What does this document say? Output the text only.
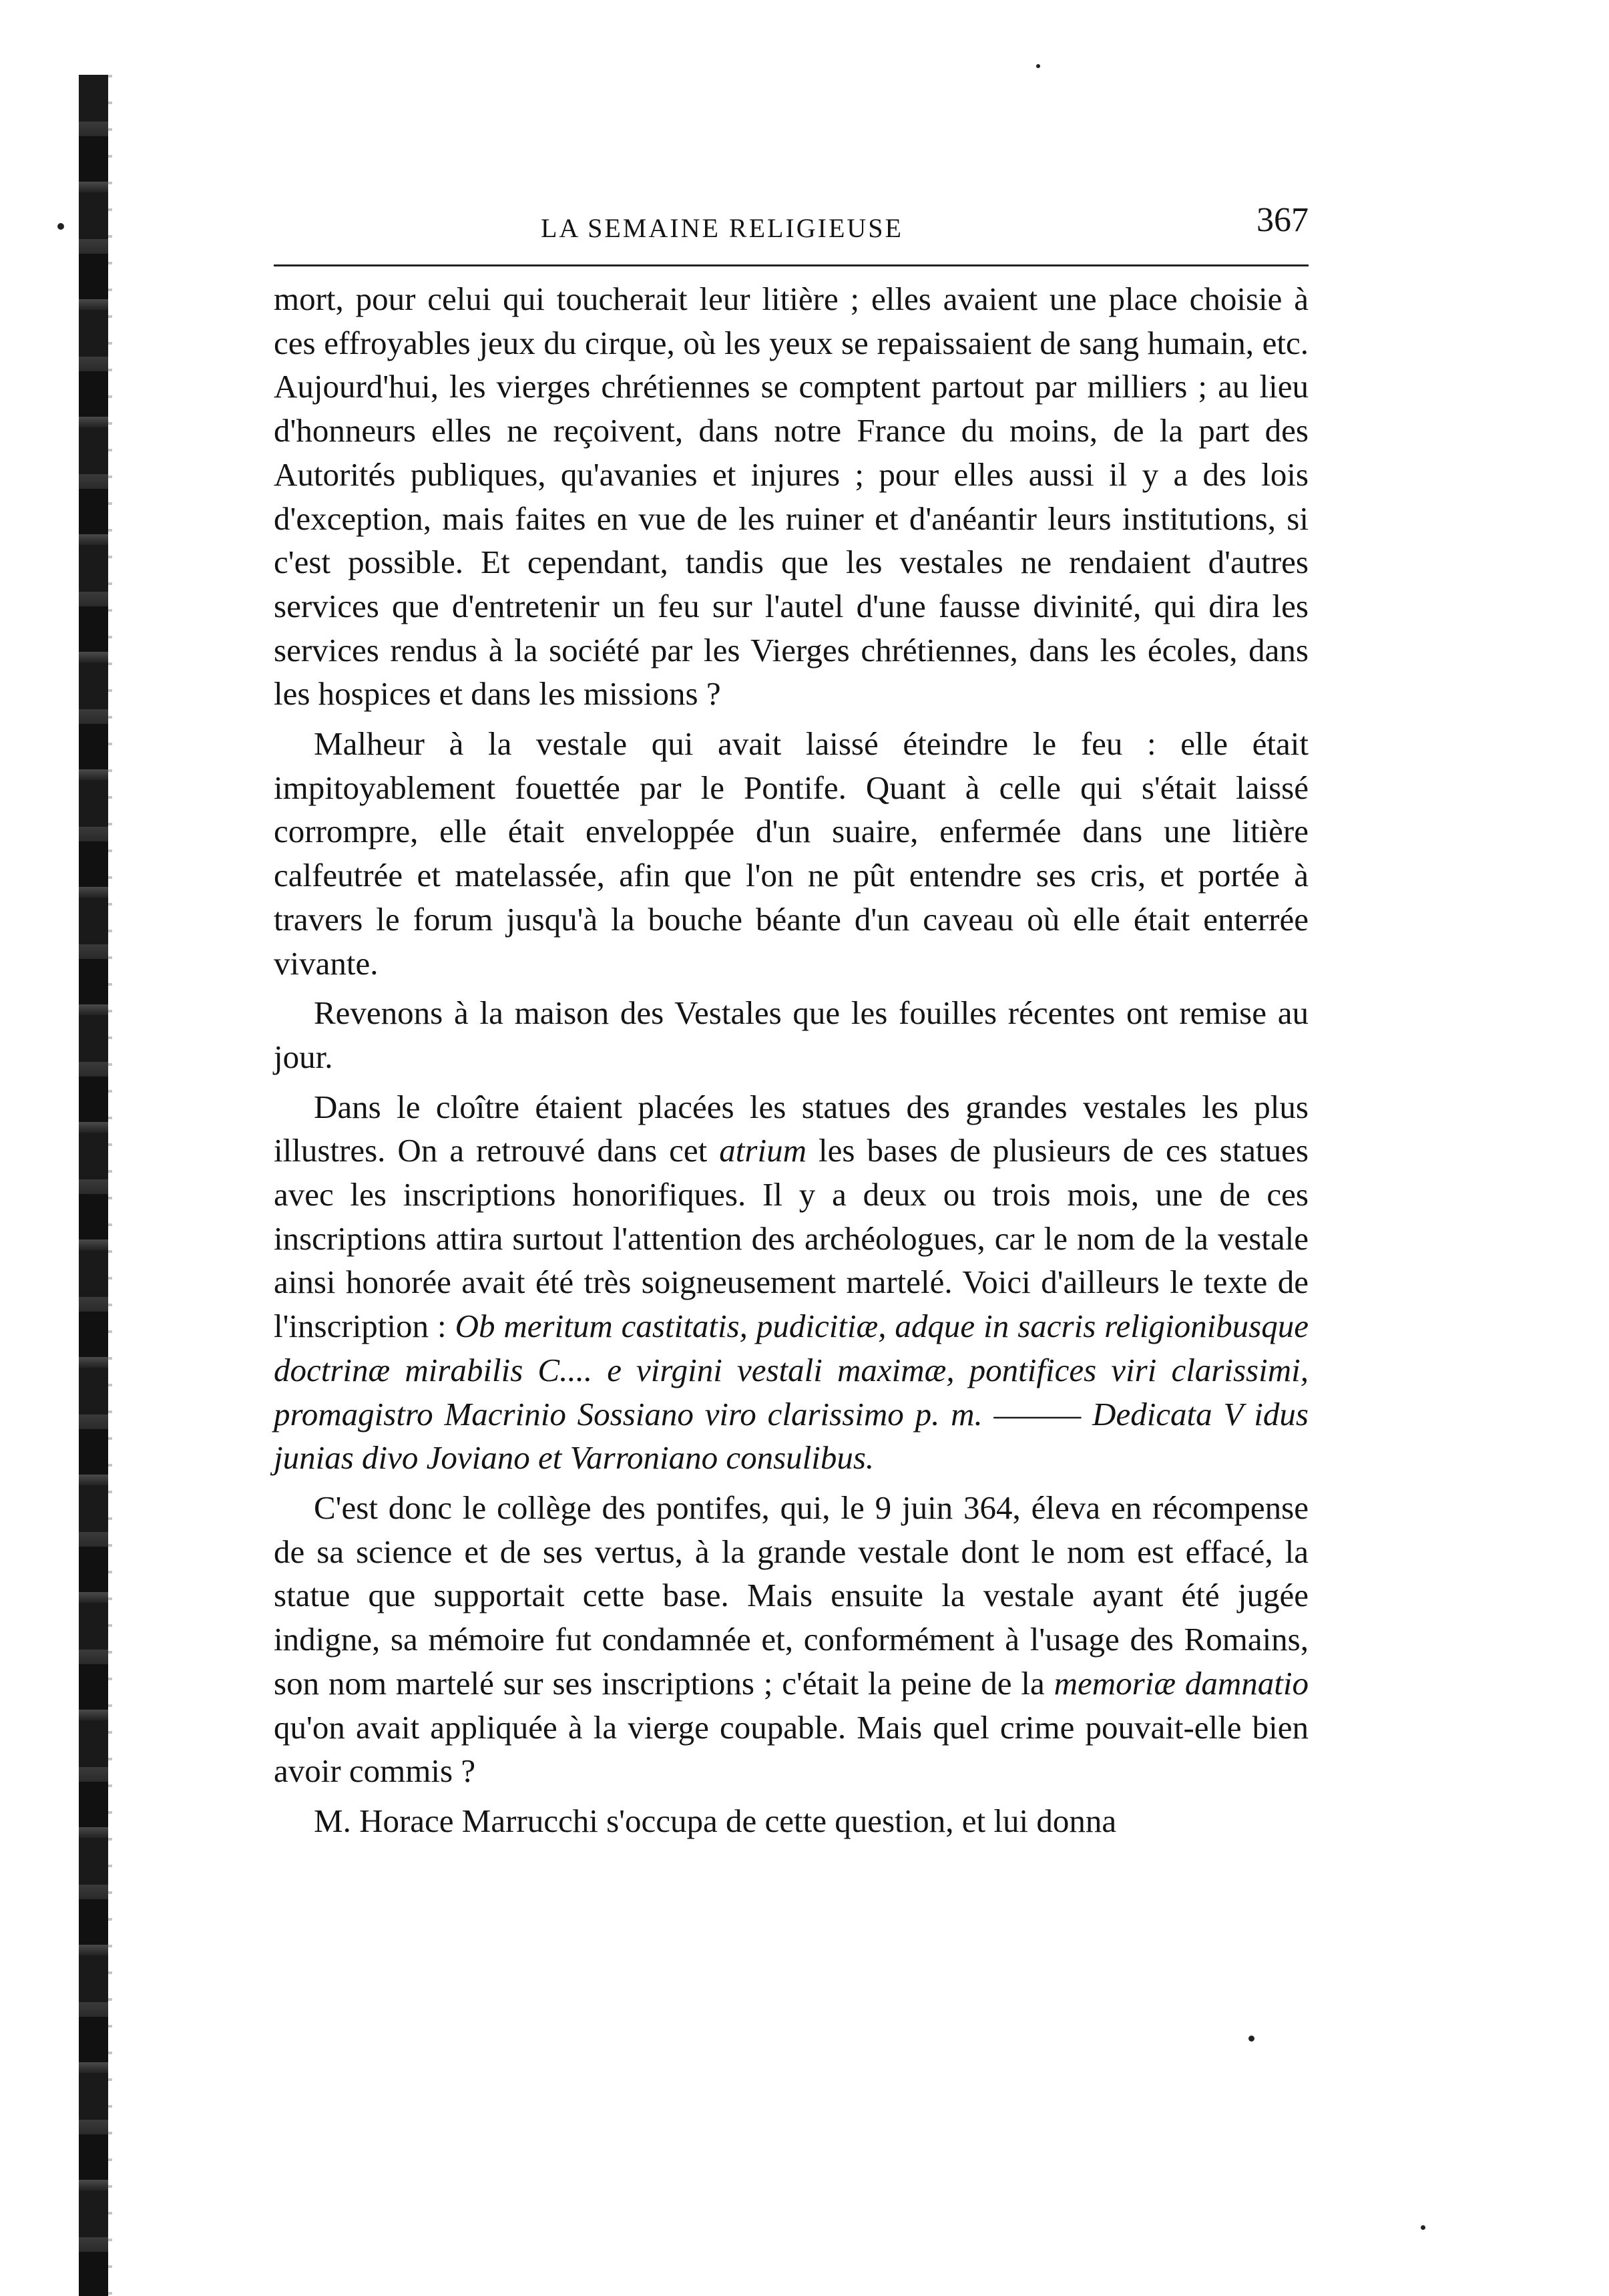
LA SEMAINE RELIGIEUSE	367

mort, pour celui qui toucherait leur litière ; elles avaient une place choisie à ces effroyables jeux du cirque, où les yeux se repaissaient de sang humain, etc. Aujourd'hui, les vierges chrétiennes se comptent partout par milliers ; au lieu d'honneurs elles ne reçoivent, dans notre France du moins, de la part des Autorités publiques, qu'avanies et injures ; pour elles aussi il y a des lois d'exception, mais faites en vue de les ruiner et d'anéantir leurs institutions, si c'est possible. Et cependant, tandis que les vestales ne rendaient d'autres services que d'entretenir un feu sur l'autel d'une fausse divinité, qui dira les services rendus à la société par les Vierges chrétiennes, dans les écoles, dans les hospices et dans les missions ?

Malheur à la vestale qui avait laissé éteindre le feu : elle était impitoyablement fouettée par le Pontife. Quant à celle qui s'était laissé corrompre, elle était enveloppée d'un suaire, enfermée dans une litière calfeutrée et matelassée, afin que l'on ne pût entendre ses cris, et portée à travers le forum jusqu'à la bouche béante d'un caveau où elle était enterrée vivante.

Revenons à la maison des Vestales que les fouilles récentes ont remise au jour.

Dans le cloître étaient placées les statues des grandes vestales les plus illustres. On a retrouvé dans cet atrium les bases de plusieurs de ces statues avec les inscriptions honorifiques. Il y a deux ou trois mois, une de ces inscriptions attira surtout l'attention des archéologues, car le nom de la vestale ainsi honorée avait été très soigneusement martelé. Voici d'ailleurs le texte de l'inscription : Ob meritum castitatis, pudicitiæ, adque in sacris religionibusque doctrinæ mirabilis C.... e virgini vestali maximæ, pontifices viri clarissimi, promagistro Macrinio Sossiano viro clarissimo p. m. ——— Dedicata V idus junias divo Joviano et Varroniano consulibus.

C'est donc le collège des pontifes, qui, le 9 juin 364, éleva en récompense de sa science et de ses vertus, à la grande vestale dont le nom est effacé, la statue que supportait cette base. Mais ensuite la vestale ayant été jugée indigne, sa mémoire fut condamnée et, conformément à l'usage des Romains, son nom martelé sur ses inscriptions ; c'était la peine de la memoriæ damnatio qu'on avait appliquée à la vierge coupable. Mais quel crime pouvait-elle bien avoir commis ?

M. Horace Marrucchi s'occupa de cette question, et lui donna
